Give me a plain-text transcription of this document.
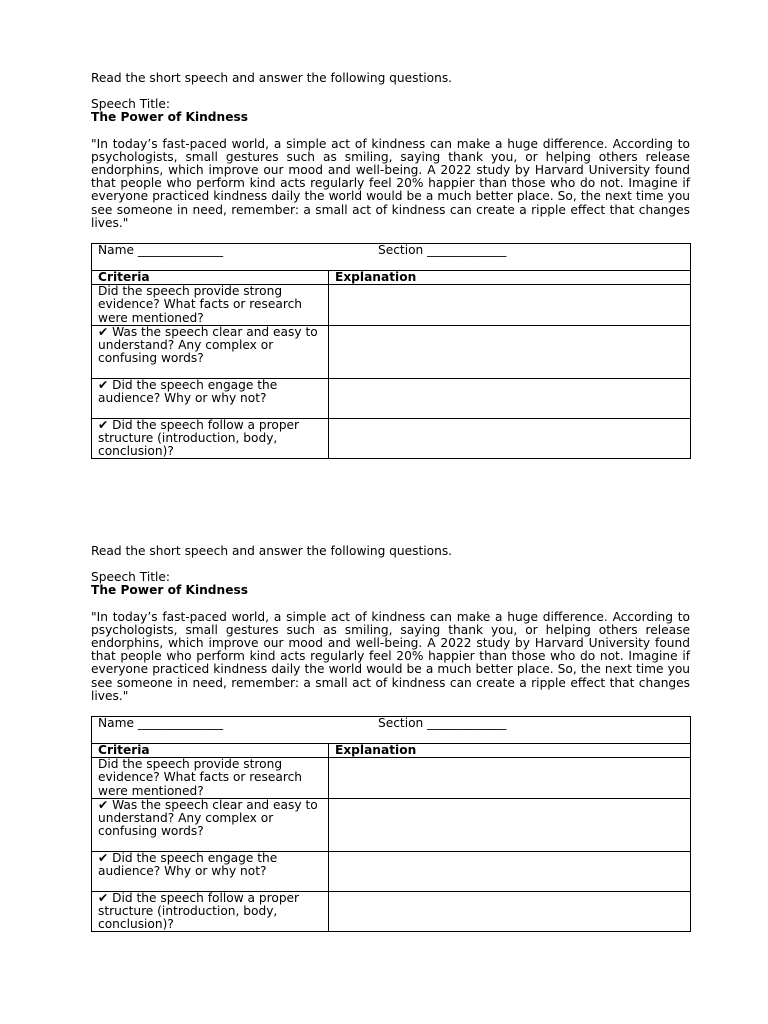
Read the short speech and answer the following questions.

Speech Title:

The Power of Kindness

"In today’s fast-paced world, a simple act of kindness can make a huge difference. According to psychologists, small gestures such as smiling, saying thank you, or helping others release endorphins, which improve our mood and well-being. A 2022 study by Harvard University found that people who perform kind acts regularly feel 20% happier than those who do not. Imagine if everyone practiced kindness daily the world would be a much better place. So, the next time you see someone in need, remember: a small act of kindness can create a ripple effect that changes lives."

Name ______________ Section _____________	

Criteria	Explanation
Did the speech provide strong evidence? What facts or research were mentioned?	
✔ Was the speech clear and easy to understand? Any complex or confusing words?	
✔ Did the speech engage the audience? Why or why not?	
✔ Did the speech follow a proper structure (introduction, body, conclusion)?	

Read the short speech and answer the following questions.

Speech Title:

The Power of Kindness

"In today’s fast-paced world, a simple act of kindness can make a huge difference. According to psychologists, small gestures such as smiling, saying thank you, or helping others release endorphins, which improve our mood and well-being. A 2022 study by Harvard University found that people who perform kind acts regularly feel 20% happier than those who do not. Imagine if everyone practiced kindness daily the world would be a much better place. So, the next time you see someone in need, remember: a small act of kindness can create a ripple effect that changes lives."

Name ______________ Section _____________	

Criteria	Explanation
Did the speech provide strong evidence? What facts or research were mentioned?	
✔ Was the speech clear and easy to understand? Any complex or confusing words?	
✔ Did the speech engage the audience? Why or why not?	
✔ Did the speech follow a proper structure (introduction, body, conclusion)?	
